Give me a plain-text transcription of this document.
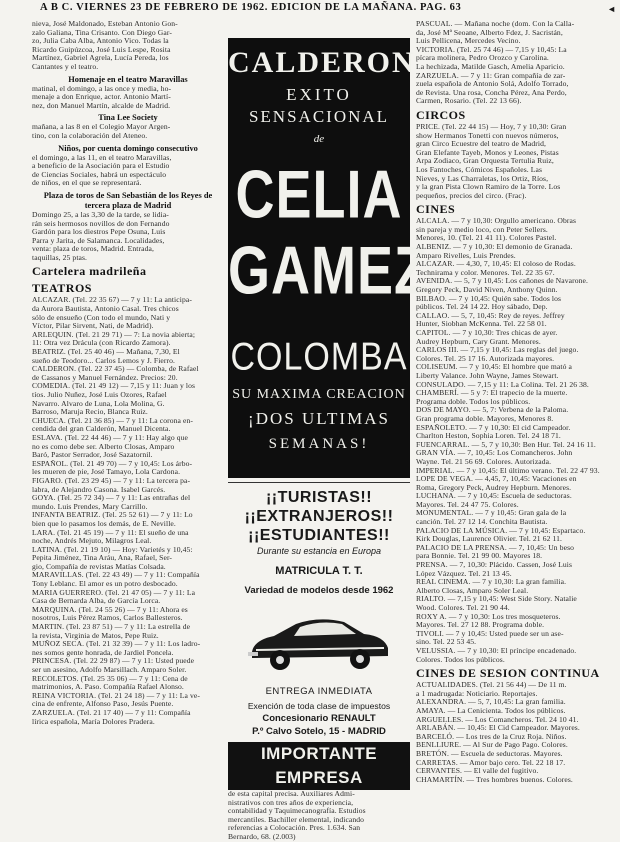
A B C. VIERNES 23 DE FEBRERO DE 1962. EDICION DE LA MAÑANA. PAG. 63	◄
nieva, José Maldonado, Esteban Antonio Gon-
zalo Galiana, Tina Crisanto. Con Diego Gar-
zo, Julia Caba Alba, Antonio Vico. Todas la
Ricardo Guipúzcoa, José Luis Lespe, Rosita
Martínez, Gabriel Agrela, Lucía Pereda, los
Cantantes y el teatro.
Homenaje en el teatro Maravillas
matinal, el domingo, a las once y media, ho-
menaje a don Enrique, actor. Antonio Martí-
nez, don Manuel Martín, alcalde de Madrid.
Tina Lee Society
mañana, a las 8 en el Colegio Mayor Argen-
tino, con la colaboración del Ateneo.
Niños, por cuenta domingo consecutivo
el domingo, a las 11, en el teatro Maravillas,
a beneficio de la Asociación para el Estudio
de Ciencias Sociales, habrá un espectáculo
de niños, en el que se representará.
Plaza de toros de San Sebastián de los Reyes de tercera plaza de Madrid
Domingo 25, a las 3,30 de la tarde, se lidia-
rán seis hermosos novillos de don Fernando
Gardón para los diestros Pepe Osuna, Luis
Parra y Jarita, de Salamanca. Localidades,
venta: plaza de toros, Madrid. Entrada,
taquillas, 25 ptas.
Cartelera madrileña
TEATROS
ALCAZAR. (Tel. 22 35 67) — 7 y 11: La anticipa-
da Aurora Bautista, Antonio Casal. Tres chicos
sólo de ensueño (Con todo el mundo, Nati y
Víctor, Pilar Sirvent, Nati, de Madrid).
ARLEQUIN. (Tel. 21 29 71) — 7: La novia abierta;
11: Otra vez Drácula (con Ricardo Zamora).
BEATRIZ. (Tel. 25 40 46) — Mañana, 7,30, El
sueño de Teodoro... Carlos Lemos y J. Fierro.
CALDERON. (Tel. 22 37 45) — Colomba, de Rafael
de Cassanos y Manuel Fernández. Precios: 20.
COMEDIA. (Tel. 21 49 12) — 7,15 y 11: Juan y los
tíos. Julio Nuñez, José Luis Ozores, Rafael
Navarro. Alvaro de Luna, Lola Molina, G.
Barroso, Maruja Recio, Blanca Ruiz.
CHUECA. (Tel. 21 36 85) — 7 y 11: La corona en-
cendida del gran Calderón, Manuel Dicenta.
ESLAVA. (Tel. 22 44 46) — 7 y 11: Hay algo que
no es como debe ser. Alberto Closas, Amparo
Baró, Pastor Serrador, José Sazatornil.
ESPAÑOL. (Tel. 21 49 70) — 7 y 10,45: Los árbo-
les mueren de pie, José Tamayo, Lola Cardona.
FIGARO. (Tel. 23 29 45) — 7 y 11: La tercera pa-
labra, de Alejandro Casona. Isabel Garcés.
GOYA. (Tel. 25 72 34) — 7 y 11: Las entrañas del
mundo. Luis Prendes, Mary Carrillo.
INFANTA BEATRIZ. (Tel. 25 52 61) — 7 y 11: Lo
bien que lo pasamos los demás, de E. Neville.
LARA. (Tel. 21 45 19) — 7 y 11: El sueño de una
noche, Andrés Mejuto, Milagros Leal.
LATINA. (Tel. 21 19 10) — Hoy: Varietés y 10,45:
Pepita Jiménez, Tina Aráu, Ana, Rafael, Ser-
gio, Compañía de revistas Matías Colsada.
MARAVILLAS. (Tel. 22 43 49) — 7 y 11: Compañía
Tony Leblanc. El amor es un potro desbocado.
MARIA GUERRERO. (Tel. 21 47 05) — 7 y 11: La
Casa de Bernarda Alba, de García Lorca.
MARQUINA. (Tel. 24 55 26) — 7 y 11: Ahora es
nosotros, Luis Pérez Ramos, Carlos Ballesteros.
MARTIN. (Tel. 23 87 51) — 7 y 11: La estrella de
la revista, Virginia de Matos, Pepe Ruiz.
MUÑOZ SECA. (Tel. 21 32 39) — 7 y 11: Los ladro-
nes somos gente honrada, de Jardiel Poncela.
PRINCESA. (Tel. 22 29 87) — 7 y 11: Usted puede
ser un asesino, Adolfo Marsillach. Amparo Soler.
RECOLETOS. (Tel. 25 35 06) — 7 y 11: Cena de
matrimonios, A. Paso. Compañía Rafael Alonso.
REINA VICTORIA. (Tel. 21 24 18) — 7 y 11: La ve-
cina de enfrente, Alfonso Paso, Jesús Puente.
ZARZUELA. (Tel. 21 17 40) — 7 y 11: Compañía
lírica española, María Dolores Pradera.
CALDERON
EXITO
SENSACIONAL
de
CELIA
GAMEZ
COLOMBA
SU MAXIMA CREACION
¡DOS ULTIMAS
SEMANAS!
¡¡TURISTAS!!
¡¡EXTRANJEROS!!
¡¡ESTUDIANTES!!
Durante su estancia en Europa
MATRICULA T. T.
Variedad de modelos desde 1962
ENTREGA INMEDIATA
Exención de toda clase de impuestos
Concesionario RENAULT
P.º Calvo Sotelo, 15 - MADRID
IMPORTANTE EMPRESA
de esta capital precisa. Auxiliares Admi-
nistrativos con tres años de experiencia,
contabilidad y Taquimecanografía. Estudios
mercantiles. Bachiller elemental, indicando
referencias a Colocación. Pres. 1.634. San
Bernardo, 68. (2.003)
PASCUAL. — Mañana noche (dom. Con la Calla-
da, José Mª Seoane, Alberto Fdez, J. Sacristán,
Luis Pellicena, Mercedes Vecino.
VICTORIA. (Tel. 25 74 46) — 7,15 y 10,45: La
pícara molinera, Pedro Orozco y Carolina.
La hechizada, Matilde Gasch, Amelia Aparicio.
ZARZUELA. — 7 y 11: Gran compañía de zar-
zuela española de Antonio Solá, Adolfo Torrado,
de Revista. Una rosa, Concha Pérez, Ana Perdo,
Carmen, Rosario. (Tel. 22 13 66).
CIRCOS
PRICE. (Tel. 22 44 15) — Hoy, 7 y 10,30: Gran
show Hermanos Tonetti con nuevos números,
gran Circo Ecuestre del teatro de Madrid,
Gran Elefante Tayeb, Monos y Leones, Pistas
Arpa Zodiaco, Gran Orquesta Tertulia Ruiz,
Los Fantoches, Cómicos Españoles. Las
Nieves, y Las Charraletas, los Ortiz, Ríos,
y la gran Pista Clown Ramiro de la Torre. Los
pequeños, precios del circo. (Frac).
CINES
ALCALA. — 7 y 10,30: Orgullo americano. Obras
sin pareja y medio loco, con Peter Sellers.
Menores, 10. (Tel. 21 41 11). Colores Pastel.
ALBENIZ. — 7 y 10,30: El demonio de Granada.
Amparo Rivelles, Luis Prendes.
ALCAZAR. — 4,30, 7, 10,45: El coloso de Rodas.
Technirama y color. Menores. Tel. 22 35 67.
AVENIDA. — 5, 7 y 10,45: Los cañones de Navarone.
Gregory Peck, David Niven, Anthony Quinn.
BILBAO. — 7 y 10,45: Quién sabe. Todos los
públicos. Tel. 24 14 22. Hoy sábado, Dep.
CALLAO. — 5, 7, 10,45: Rey de reyes. Jeffrey
Hunter, Siobhan McKenna. Tel. 22 58 01.
CAPITOL. — 7 y 10,30: Tres chicas de ayer.
Audrey Hepburn, Cary Grant. Menores.
CARLOS III. — 7,15 y 10,45: Las reglas del juego.
Colores. Tel. 25 17 16. Autorizada mayores.
COLISEUM. — 7 y 10,45: El hombre que mató a
Liberty Valance. John Wayne, James Stewart.
CONSULADO. — 7,15 y 11: La Colina. Tel. 21 26 38.
CHAMBERÍ. — 5 y 7: El trapecio de la muerte.
Programa doble. Todos los públicos.
DOS DE MAYO. — 5, 7: Verbena de la Paloma.
Gran programa doble. Mayores, Menores 8.
ESPAÑOLETO. — 7 y 10,30: El cid Campeador.
Charlton Heston, Sophia Loren. Tel. 24 18 71.
FUENCARRAL. — 5, 7 y 10,30: Ben Hur. Tel. 24 16 11.
GRAN VÍA. — 7, 10,45: Los Comancheros. John
Wayne. Tel. 21 56 69. Colores. Autorizada.
IMPERIAL. — 7 y 10,45: El último verano. Tel. 22 47 93.
LOPE DE VEGA. — 4,45, 7, 10,45: Vacaciones en
Roma, Gregory Peck, Audrey Hepburn. Menores.
LUCHANA. — 7 y 10,45: Escuela de seductoras.
Mayores. Tel. 24 47 75. Colores.
MONUMENTAL. — 7 y 10,45: Gran gala de la
canción. Tel. 27 12 14. Conchita Bautista.
PALACIO DE LA MÚSICA. — 7 y 10,45: Espartaco.
Kirk Douglas, Laurence Olivier. Tel. 21 62 11.
PALACIO DE LA PRENSA. — 7, 10,45: Un beso
para Bonnie. Tel. 21 99 00. Mayores 18.
PRENSA. — 7, 10,30: Plácido. Cassen, José Luis
López Vázquez. Tel. 21 13 45.
REAL CINEMA. — 7 y 10,30: La gran familia.
Alberto Closas, Amparo Soler Leal.
RIALTO. — 7,15 y 10,45: West Side Story. Natalie
Wood. Colores. Tel. 21 90 44.
ROXY A. — 7 y 10,30: Los tres mosqueteros.
Mayores. Tel. 27 12 88. Programa doble.
TIVOLI. — 7 y 10,45: Usted puede ser un ase-
sino. Tel. 22 53 45.
VELUSSIA. — 7 y 10,30: El príncipe encadenado.
Colores. Todos los públicos.
CINES DE SESION CONTINUA
ACTUALIDADES. (Tel. 21 56 44) — De 11 m.
a 1 madrugada: Noticiario. Reportajes.
ALEXANDRA. — 5, 7, 10,45: La gran familia.
AMAYA. — La Cenicienta. Todos los públicos.
ARGUELLES. — Los Comancheros. Tel. 24 10 41.
ARLABÁN. — 10,45: El Cid Campeador. Mayores.
BARCELÓ. — Los tres de la Cruz Roja. Niños.
BENLLIURE. — Al Sur de Pago Pago. Colores.
BRETÓN. — Escuela de seductoras. Mayores.
CARRETAS. — Amor bajo cero. Tel. 22 18 17.
CERVANTES. — El valle del fugitivo.
CHAMARTÍN. — Tres hombres buenos. Colores.
